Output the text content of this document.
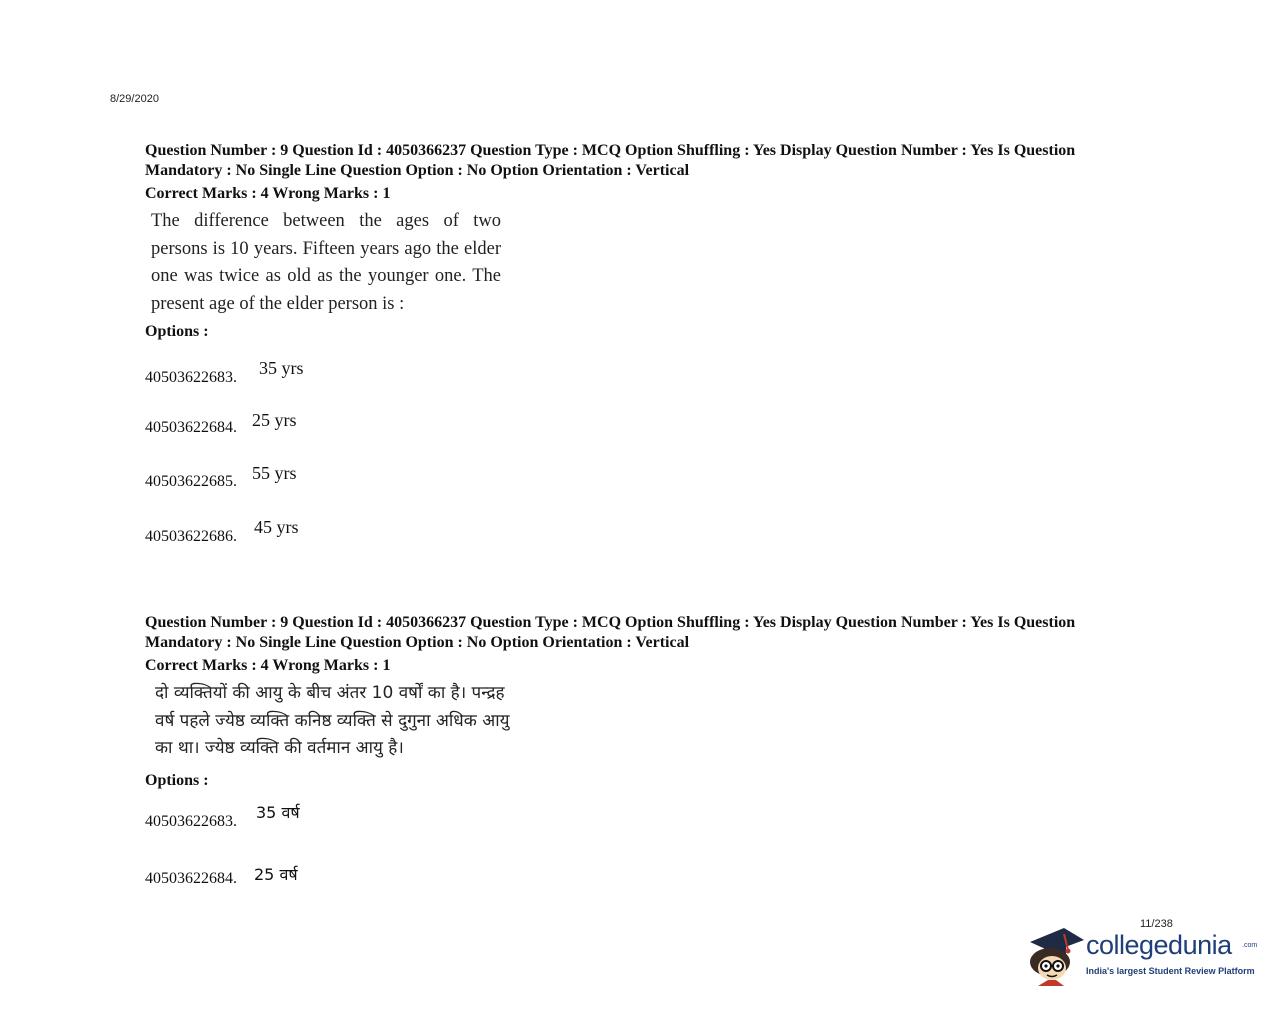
8/29/2020

Question Number : 9 Question Id : 4050366237 Question Type : MCQ Option Shuffling : Yes Display Question Number : Yes Is Question

Mandatory : No Single Line Question Option : No Option Orientation : Vertical

Correct Marks : 4 Wrong Marks : 1

The difference between the ages of two persons is 10 years. Fifteen years ago the elder one was twice as old as the younger one. The present age of the elder person is :

Options :

40503622683. 35 yrs
40503622684. 25 yrs
40503622685. 55 yrs
40503622686. 45 yrs

Question Number : 9 Question Id : 4050366237 Question Type : MCQ Option Shuffling : Yes Display Question Number : Yes Is Question

Mandatory : No Single Line Question Option : No Option Orientation : Vertical

Correct Marks : 4 Wrong Marks : 1

दो व्यक्तियों की आयु के बीच अंतर 10 वर्षों का है। पन्द्रह वर्ष पहले ज्येष्ठ व्यक्ति कनिष्ठ व्यक्ति से दुगुना अधिक आयु का था। ज्येष्ठ व्यक्ति की वर्तमान आयु है।

Options :

40503622683. 35 वर्ष
40503622684. 25 वर्ष
11/238
collegedunia .com
India's largest Student Review Platform
